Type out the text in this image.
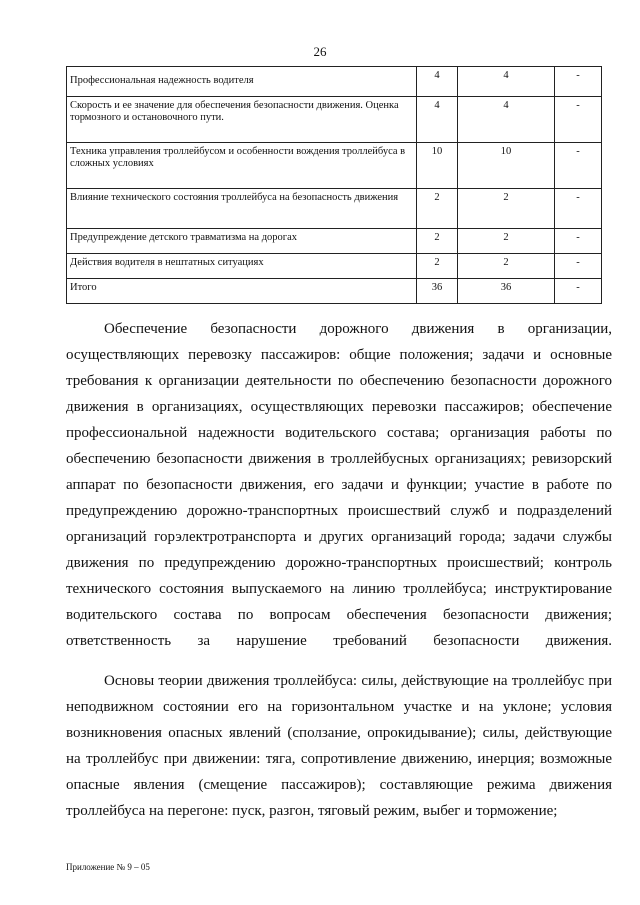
26
Профессиональная надежность водителя	4	4	-
Скорость и ее значение для обеспечения безопасности движения. Оценка тормозного и остановочного пути.	4	4	-
Техника управления троллейбусом и особенности вождения троллейбуса в сложных условиях	10	10	-
Влияние технического состояния троллейбуса на безопасность движения	2	2	-
Предупреждение детского травматизма на дорогах	2	2	-
Действия водителя в нештатных ситуациях	2	2	-
Итого	36	36	-
Обеспечение безопасности дорожного движения в организации, осуществляющих перевозку пассажиров: общие положения; задачи и основные требования к организации деятельности по обеспечению безопасности дорожного движения в организациях, осуществляющих перевозки пассажиров; обеспечение профессиональной надежности водительского состава; организация работы по обеспечению безопасности движения в троллейбусных организациях; ревизорский аппарат по безопасности движения, его задачи и функции; участие в работе по предупреждению дорожно-транспортных происшествий служб и подразделений организаций горэлектротранспорта и других организаций города; задачи службы движения по предупреждению дорожно-транспортных происшествий; контроль технического состояния выпускаемого на линию троллейбуса; инструктирование водительского состава по вопросам обеспечения безопасности движения; ответственность за нарушение требований безопасности движения.
Основы теории движения троллейбуса: силы, действующие на троллейбус при неподвижном состоянии его на горизонтальном участке и на уклоне; условия возникновения опасных явлений (сползание, опрокидывание); силы, действующие на троллейбус при движении: тяга, сопротивление движению, инерция; возможные опасные явления (смещение пассажиров); составляющие режима движения троллейбуса на перегоне: пуск, разгон, тяговый режим, выбег и торможение;
Приложение № 9 – 05
